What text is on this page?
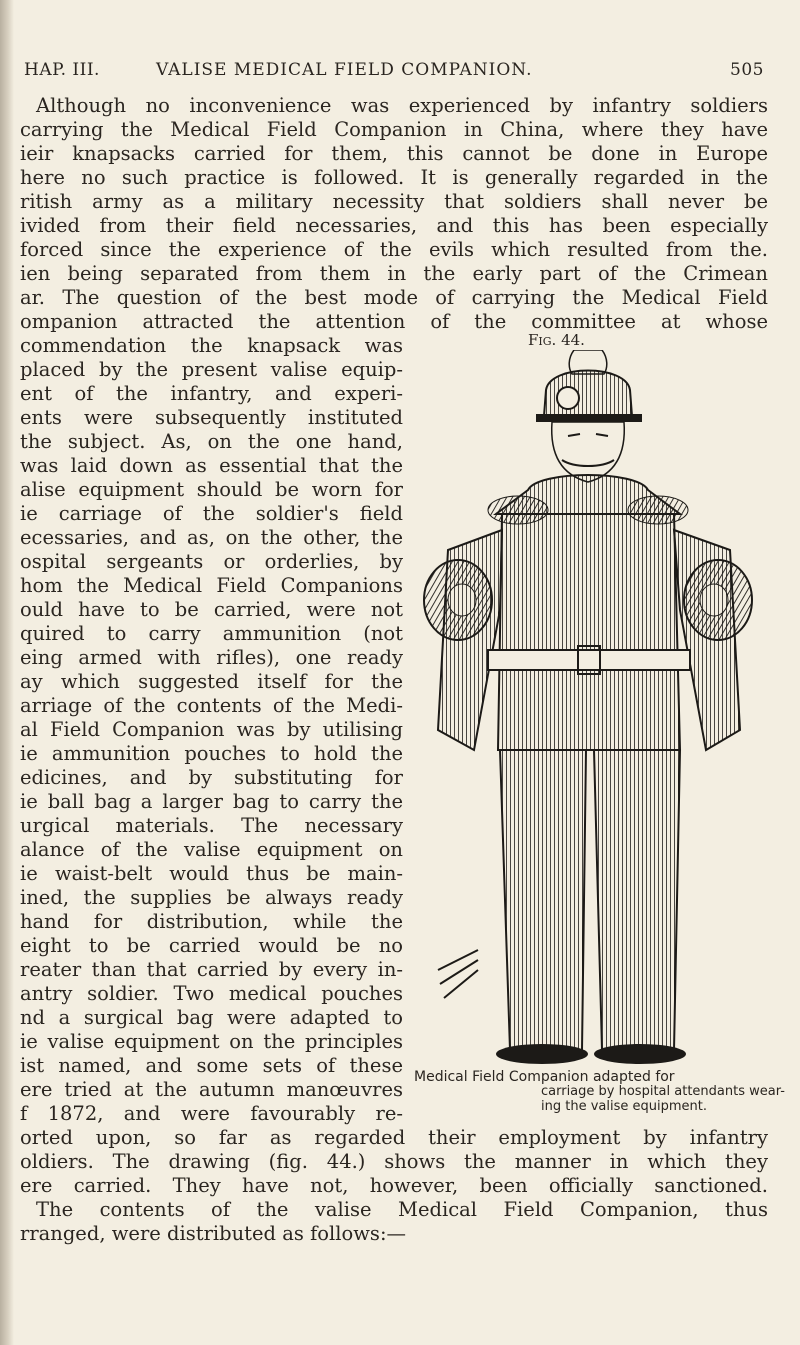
HAP. III.	VALISE MEDICAL FIELD COMPANION.	505
Although no inconvenience was experienced by infantry soldiers
carrying the Medical Field Companion in China, where they have
ieir knapsacks carried for them, this cannot be done in Europe
here no such practice is followed. It is generally regarded in the
ritish army as a military necessity that soldiers shall never be
ivided from their field necessaries, and this has been especially
forced since the experience of the evils which resulted from the.
ien being separated from them in the early part of the Crimean
ar. The question of the best mode of carrying the Medical Field
ompanion attracted the attention of the committee at whose
commendation the knapsack was
placed by the present valise equip-
ent of the infantry, and experi-
ents were subsequently instituted
the subject. As, on the one hand,
was laid down as essential that the
alise equipment should be worn for
ie carriage of the soldier's field
ecessaries, and as, on the other, the
ospital sergeants or orderlies, by
hom the Medical Field Companions
ould have to be carried, were not
quired to carry ammunition (not
eing armed with rifles), one ready
ay which suggested itself for the
arriage of the contents of the Medi-
al Field Companion was by utilising
ie ammunition pouches to hold the
edicines, and by substituting for
ie ball bag a larger bag to carry the
urgical materials. The necessary
alance of the valise equipment on
ie waist-belt would thus be main-
ined, the supplies be always ready
hand for distribution, while the
eight to be carried would be no
reater than that carried by every in-
antry soldier. Two medical pouches
nd a surgical bag were adapted to
ie valise equipment on the principles
ist named, and some sets of these
ere tried at the autumn manœuvres
f 1872, and were favourably re-
orted upon, so far as regarded their employment by infantry
oldiers. The drawing (fig. 44.) shows the manner in which they
ere carried. They have not, however, been officially sanctioned.
The contents of the valise Medical Field Companion, thus
rranged, were distributed as follows:—
Fig. 44.
Medical Field Companion adapted for
carriage by hospital attendants wear-ing the valise equipment.
